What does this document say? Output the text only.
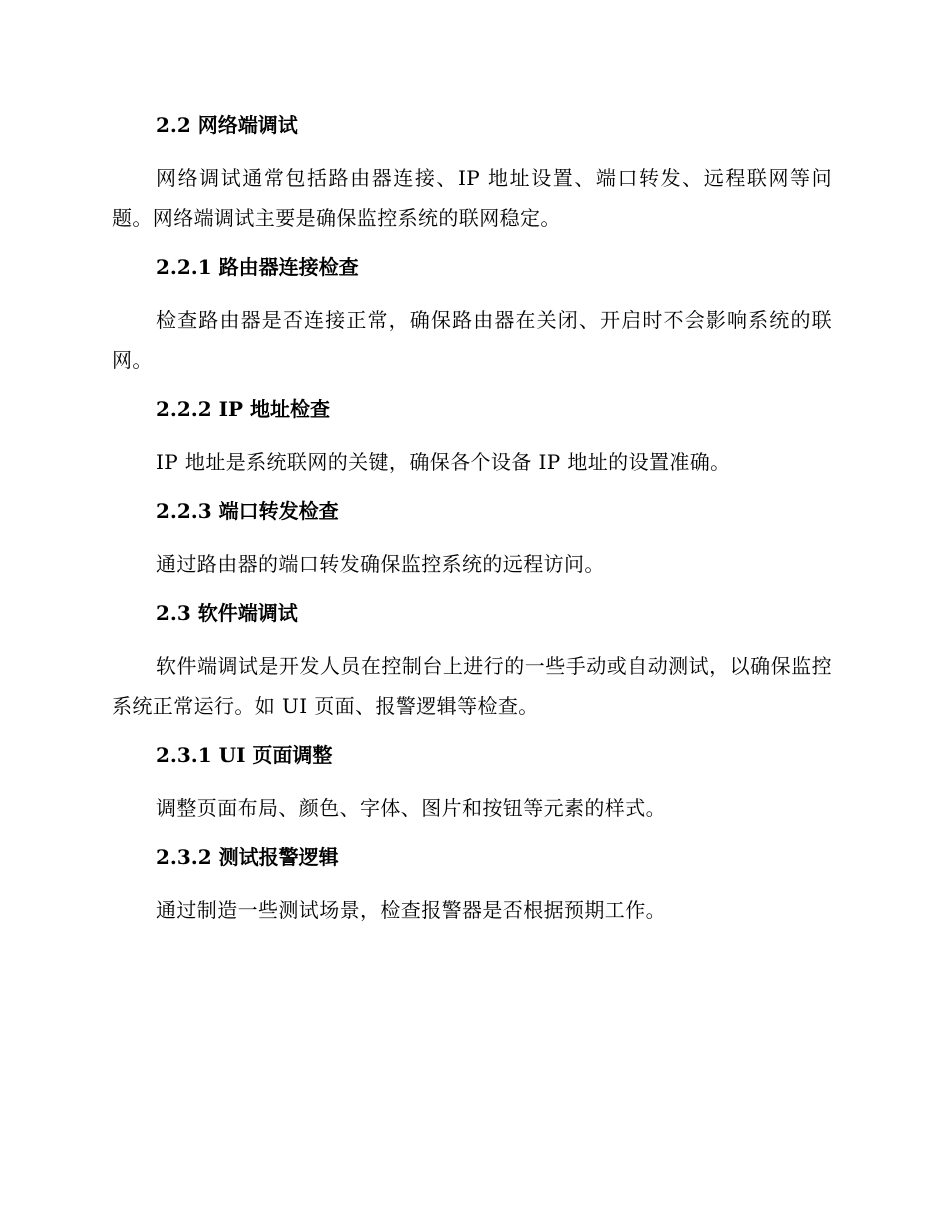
2.2 网络端调试

网络调试通常包括路由器连接、IP 地址设置、端口转发、远程联网等问题。网络端调试主要是确保监控系统的联网稳定。

2.2.1 路由器连接检查

检查路由器是否连接正常，确保路由器在关闭、开启时不会影响系统的联网。

2.2.2 IP 地址检查

IP 地址是系统联网的关键，确保各个设备 IP 地址的设置准确。

2.2.3 端口转发检查

通过路由器的端口转发确保监控系统的远程访问。

2.3 软件端调试

软件端调试是开发人员在控制台上进行的一些手动或自动测试，以确保监控系统正常运行。如 UI 页面、报警逻辑等检查。

2.3.1 UI 页面调整

调整页面布局、颜色、字体、图片和按钮等元素的样式。

2.3.2 测试报警逻辑

通过制造一些测试场景，检查报警器是否根据预期工作。
